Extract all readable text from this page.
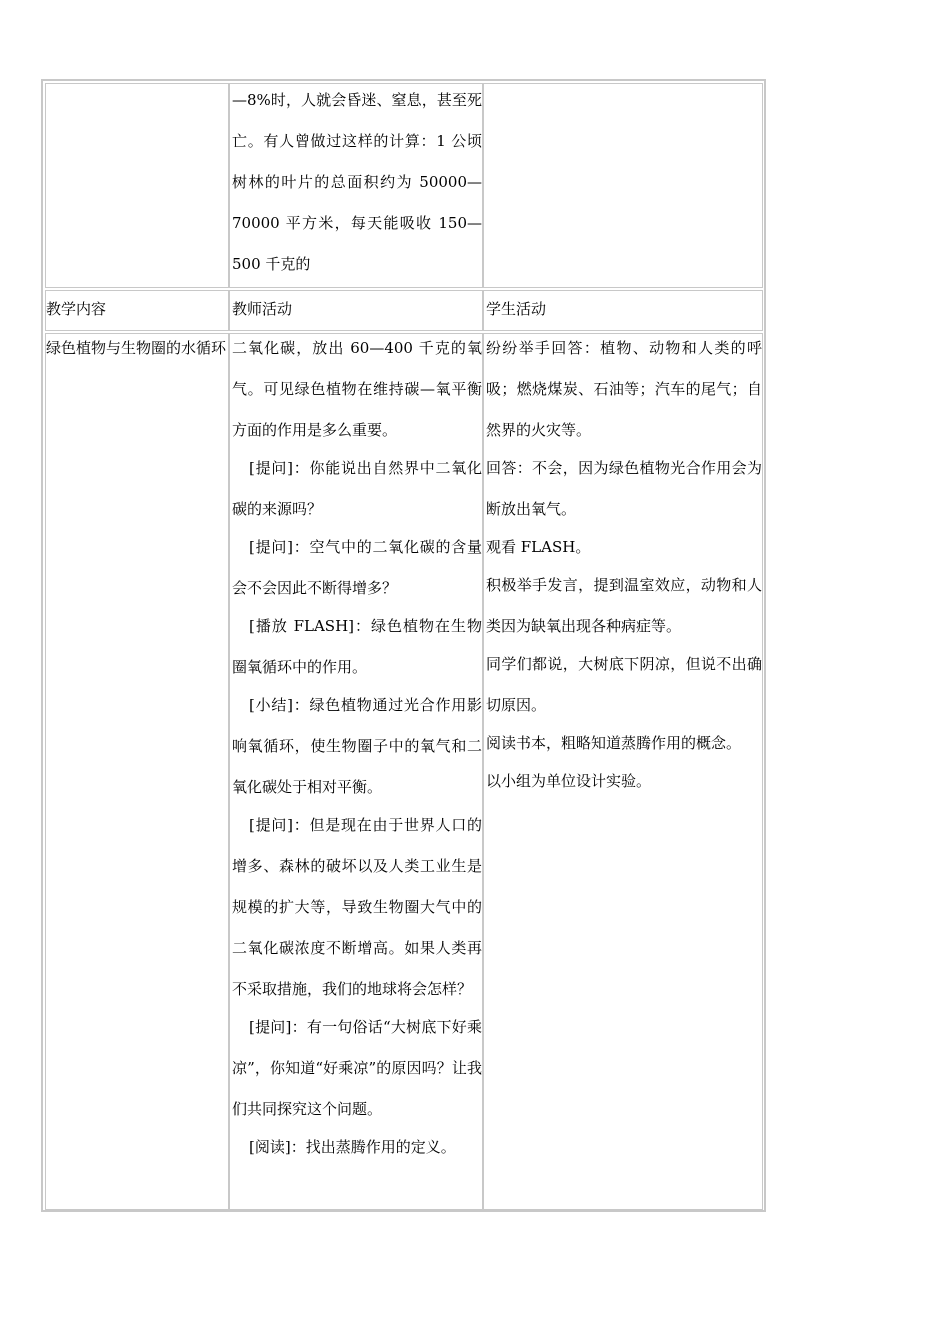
—8%时，人就会昏迷、窒息，甚至死亡。有人曾做过这样的计算：1 公顷树林的叶片的总面积约为 50000—70000 平方米，每天能吸收 150—500 千克的

教学内容	教师活动	学生活动

绿色植物与生物圈的水循环 二氧化碳，放出 60—400 千克的氧气。可见绿色植物在维持碳—氧平衡方面的作用是多么重要。

[提问]：你能说出自然界中二氧化碳的来源吗？

[提问]：空气中的二氧化碳的含量会不会因此不断得增多？

[播放 FLASH]：绿色植物在生物圈氧循环中的作用。

[小结]：绿色植物通过光合作用影响氧循环，使生物圈子中的氧气和二氧化碳处于相对平衡。

[提问]：但是现在由于世界人口的增多、森林的破坏以及人类工业生是规模的扩大等，导致生物圈大气中的二氧化碳浓度不断增高。如果人类再不采取措施，我们的地球将会怎样？

[提问]：有一句俗话“大树底下好乘凉”，你知道“好乘凉”的原因吗？让我们共同探究这个问题。

[阅读]：找出蒸腾作用的定义。

纷纷举手回答：植物、动物和人类的呼吸；燃烧煤炭、石油等；汽车的尾气；自然界的火灾等。

回答：不会，因为绿色植物光合作用会为断放出氧气。

观看 FLASH。

积极举手发言，提到温室效应，动物和人类因为缺氧出现各种病症等。

同学们都说，大树底下阴凉，但说不出确切原因。

阅读书本，粗略知道蒸腾作用的概念。

以小组为单位设计实验。
